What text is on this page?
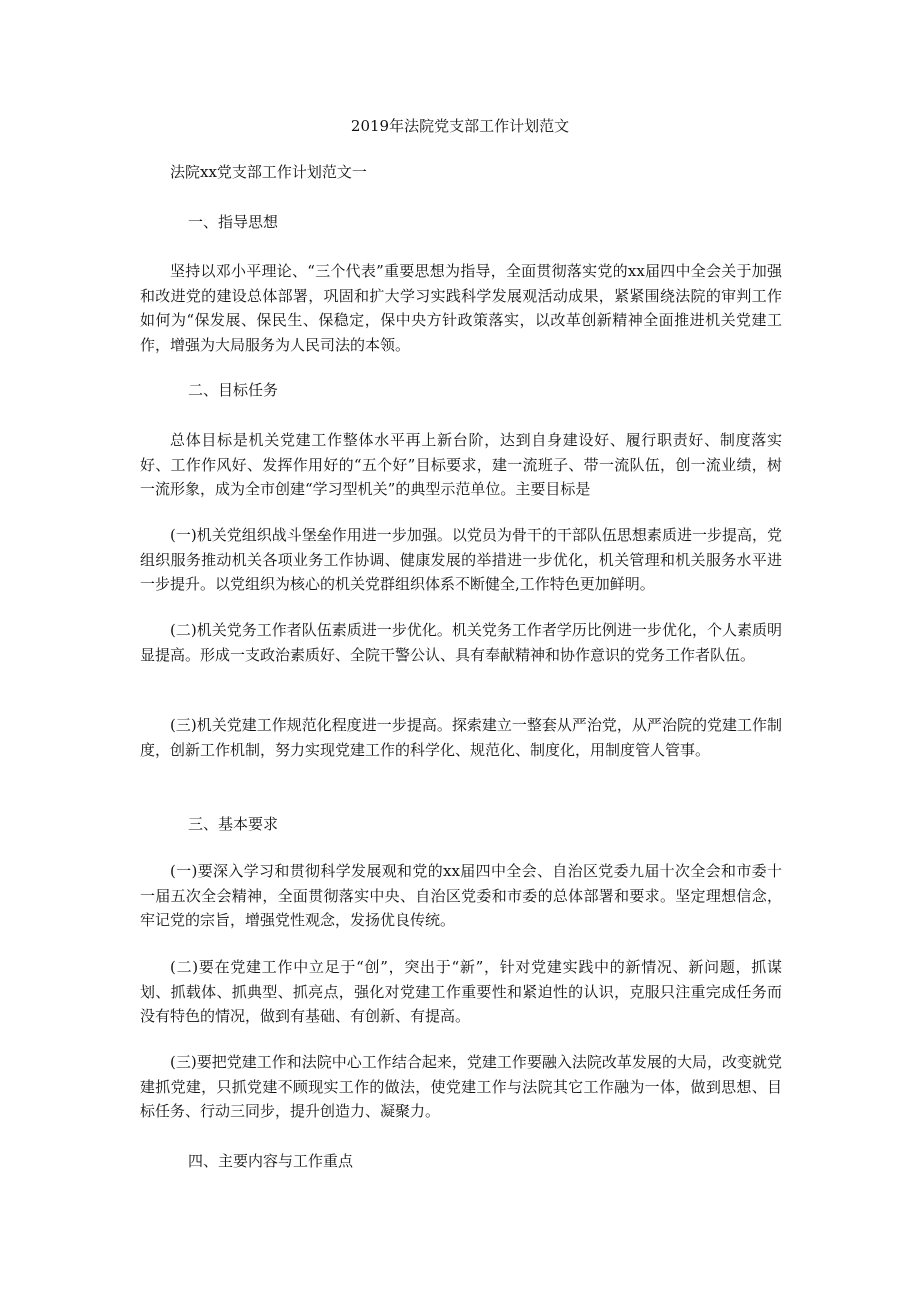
2019年法院党支部工作计划范文

法院xx党支部工作计划范文一

一、指导思想

坚持以邓小平理论、“三个代表”重要思想为指导，全面贯彻落实党的xx届四中全会关于加强和改进党的建设总体部署，巩固和扩大学习实践科学发展观活动成果，紧紧围绕法院的审判工作如何为“保发展、保民生、保稳定，保中央方针政策落实，以改革创新精神全面推进机关党建工作，增强为大局服务为人民司法的本领。

二、目标任务

总体目标是机关党建工作整体水平再上新台阶，达到自身建设好、履行职责好、制度落实好、工作作风好、发挥作用好的“五个好”目标要求，建一流班子、带一流队伍，创一流业绩，树一流形象，成为全市创建“学习型机关”的典型示范单位。主要目标是

(一)机关党组织战斗堡垒作用进一步加强。以党员为骨干的干部队伍思想素质进一步提高，党组织服务推动机关各项业务工作协调、健康发展的举措进一步优化，机关管理和机关服务水平进一步提升。以党组织为核心的机关党群组织体系不断健全,工作特色更加鲜明。

(二)机关党务工作者队伍素质进一步优化。机关党务工作者学历比例进一步优化，个人素质明显提高。形成一支政治素质好、全院干警公认、具有奉献精神和协作意识的党务工作者队伍。

(三)机关党建工作规范化程度进一步提高。探索建立一整套从严治党，从严治院的党建工作制度，创新工作机制，努力实现党建工作的科学化、规范化、制度化，用制度管人管事。

三、基本要求

(一)要深入学习和贯彻科学发展观和党的xx届四中全会、自治区党委九届十次全会和市委十一届五次全会精神，全面贯彻落实中央、自治区党委和市委的总体部署和要求。坚定理想信念，牢记党的宗旨，增强党性观念，发扬优良传统。

(二)要在党建工作中立足于“创”，突出于“新”，针对党建实践中的新情况、新问题，抓谋划、抓载体、抓典型、抓亮点，强化对党建工作重要性和紧迫性的认识，克服只注重完成任务而没有特色的情况，做到有基础、有创新、有提高。

(三)要把党建工作和法院中心工作结合起来，党建工作要融入法院改革发展的大局，改变就党建抓党建，只抓党建不顾现实工作的做法，使党建工作与法院其它工作融为一体，做到思想、目标任务、行动三同步，提升创造力、凝聚力。

四、主要内容与工作重点
